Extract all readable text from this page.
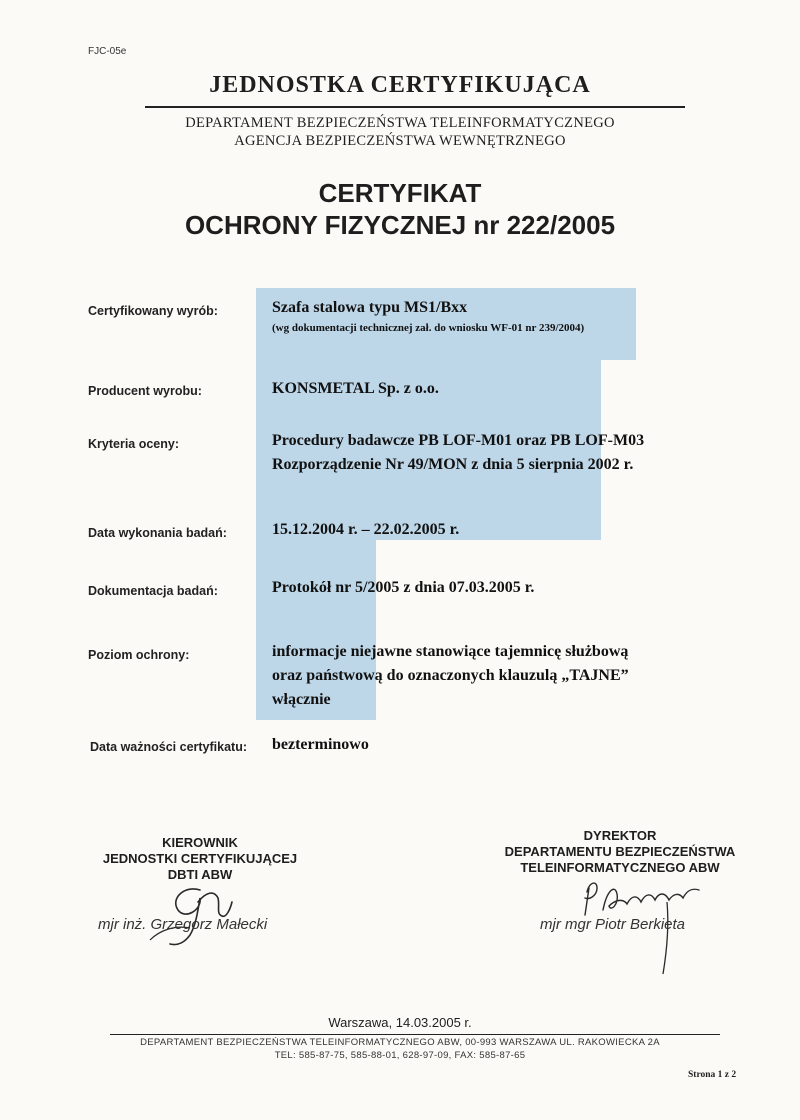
FJC-05e
JEDNOSTKA CERTYFIKUJĄCA
DEPARTAMENT BEZPIECZEŃSTWA TELEINFORMATYCZNEGO
AGENCJA BEZPIECZEŃSTWA WEWNĘTRZNEGO
CERTYFIKAT
OCHRONY FIZYCZNEJ nr 222/2005
Certyfikowany wyrób:	Szafa stalowa typu MS1/Bxx
(wg dokumentacji technicznej zał. do wniosku WF-01 nr 239/2004)
Producent wyrobu:	KONSMETAL Sp. z o.o.
Kryteria oceny:	Procedury badawcze PB LOF-M01 oraz PB LOF-M03
Rozporządzenie Nr 49/MON z dnia 5 sierpnia 2002 r.
Data wykonania badań:	15.12.2004 r. – 22.02.2005 r.
Dokumentacja badań:	Protokół nr 5/2005 z dnia 07.03.2005 r.
Poziom ochrony:	informacje niejawne stanowiące tajemnicę służbową
oraz państwową do oznaczonych klauzulą „TAJNE”
włącznie
Data ważności certyfikatu: bezterminowo
KIEROWNIK
JEDNOSTKI CERTYFIKUJĄCEJ
DBTI ABW
mjr inż. Grzegorz Małecki
DYREKTOR
DEPARTAMENTU BEZPIECZEŃSTWA
TELEINFORMATYCZNEGO ABW
mjr mgr Piotr Berkieta
Warszawa, 14.03.2005 r.
DEPARTAMENT BEZPIECZEŃSTWA TELEINFORMATYCZNEGO ABW, 00-993 WARSZAWA UL. RAKOWIECKA 2A
TEL: 585-87-75, 585-88-01, 628-97-09, FAX: 585-87-65
Strona 1 z 2
